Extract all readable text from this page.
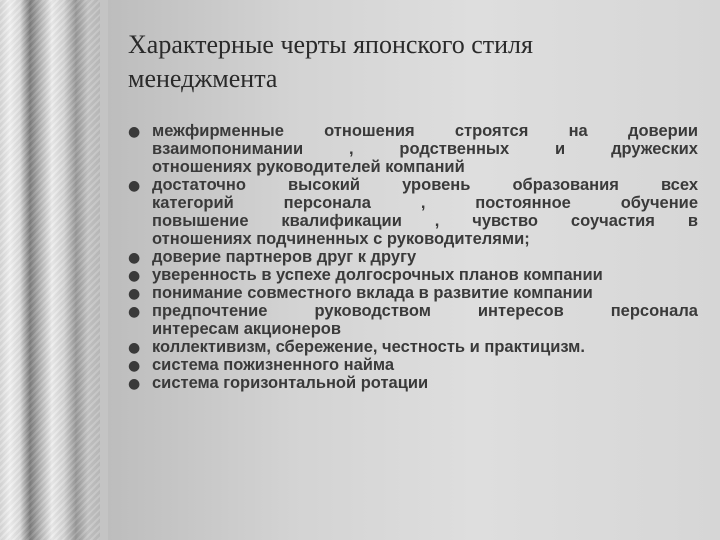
Характерные черты японского стиля
менеджмента
● межфирменные отношения строятся на доверии
взаимопонимании , родственных и дружеских
отношениях руководителей компаний
● достаточно высокий уровень образования всех
категорий персонала , постоянное обучение
повышение квалификации , чувство соучастия в
отношениях подчиненных с руководителями;
● доверие партнеров друг к другу
● уверенность в успехе долгосрочных планов компании
● понимание совместного вклада в развитие компании
● предпочтение руководством интересов персонала
интересам акционеров
● коллективизм, сбережение, честность и практицизм.
● система пожизненного найма
● система горизонтальной ротации
